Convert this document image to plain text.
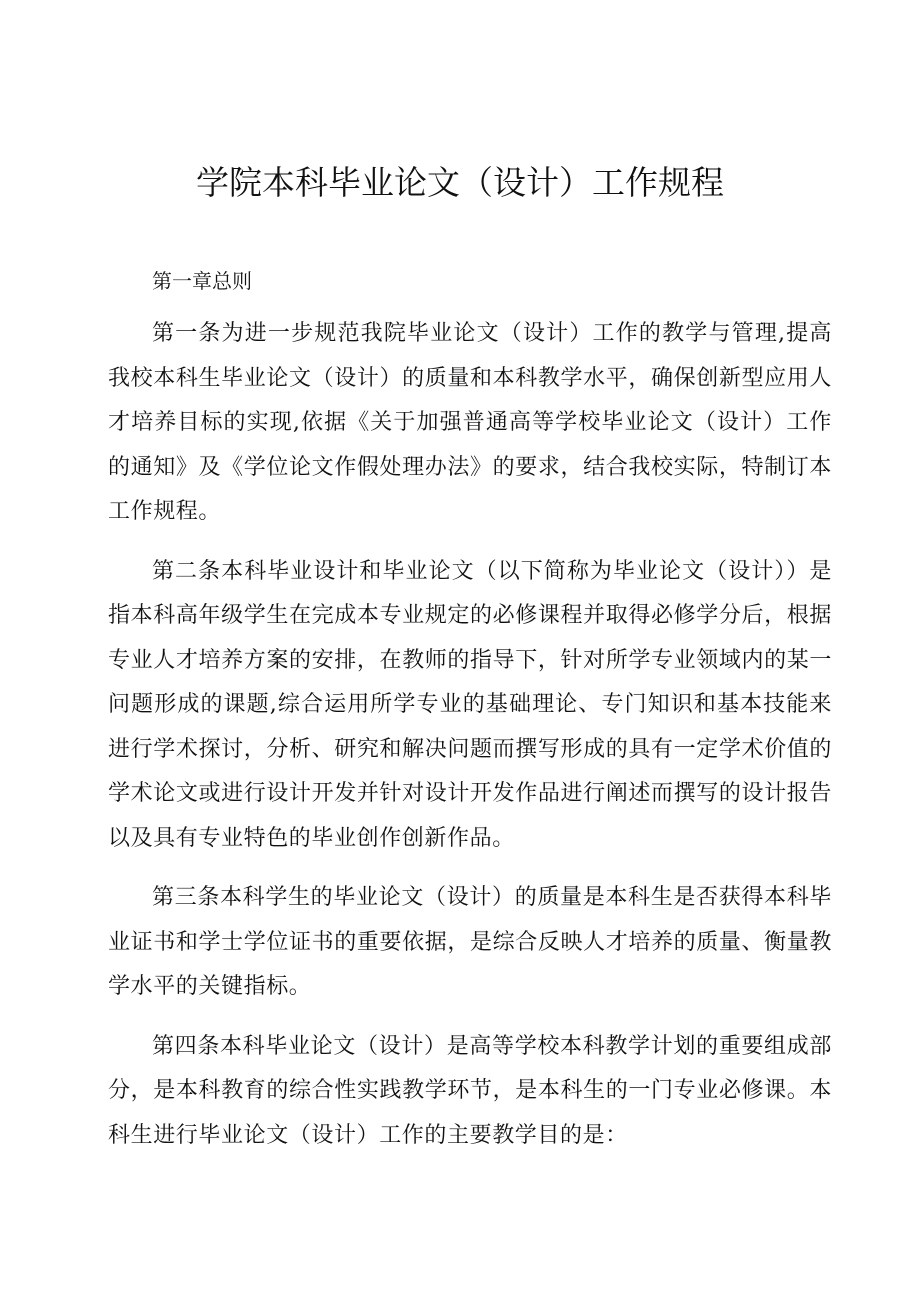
学院本科毕业论文（设计）工作规程

第一章总则

第一条为进一步规范我院毕业论文（设计）工作的教学与管理,提高我校本科生毕业论文（设计）的质量和本科教学水平，确保创新型应用人才培养目标的实现,依据《关于加强普通高等学校毕业论文（设计）工作的通知》及《学位论文作假处理办法》的要求，结合我校实际，特制订本工作规程。

第二条本科毕业设计和毕业论文（以下简称为毕业论文（设计））是指本科高年级学生在完成本专业规定的必修课程并取得必修学分后，根据专业人才培养方案的安排，在教师的指导下，针对所学专业领域内的某一问题形成的课题,综合运用所学专业的基础理论、专门知识和基本技能来进行学术探讨，分析、研究和解决问题而撰写形成的具有一定学术价值的学术论文或进行设计开发并针对设计开发作品进行阐述而撰写的设计报告以及具有专业特色的毕业创作创新作品。

第三条本科学生的毕业论文（设计）的质量是本科生是否获得本科毕业证书和学士学位证书的重要依据，是综合反映人才培养的质量、衡量教学水平的关键指标。

第四条本科毕业论文（设计）是高等学校本科教学计划的重要组成部分，是本科教育的综合性实践教学环节，是本科生的一门专业必修课。本科生进行毕业论文（设计）工作的主要教学目的是：
